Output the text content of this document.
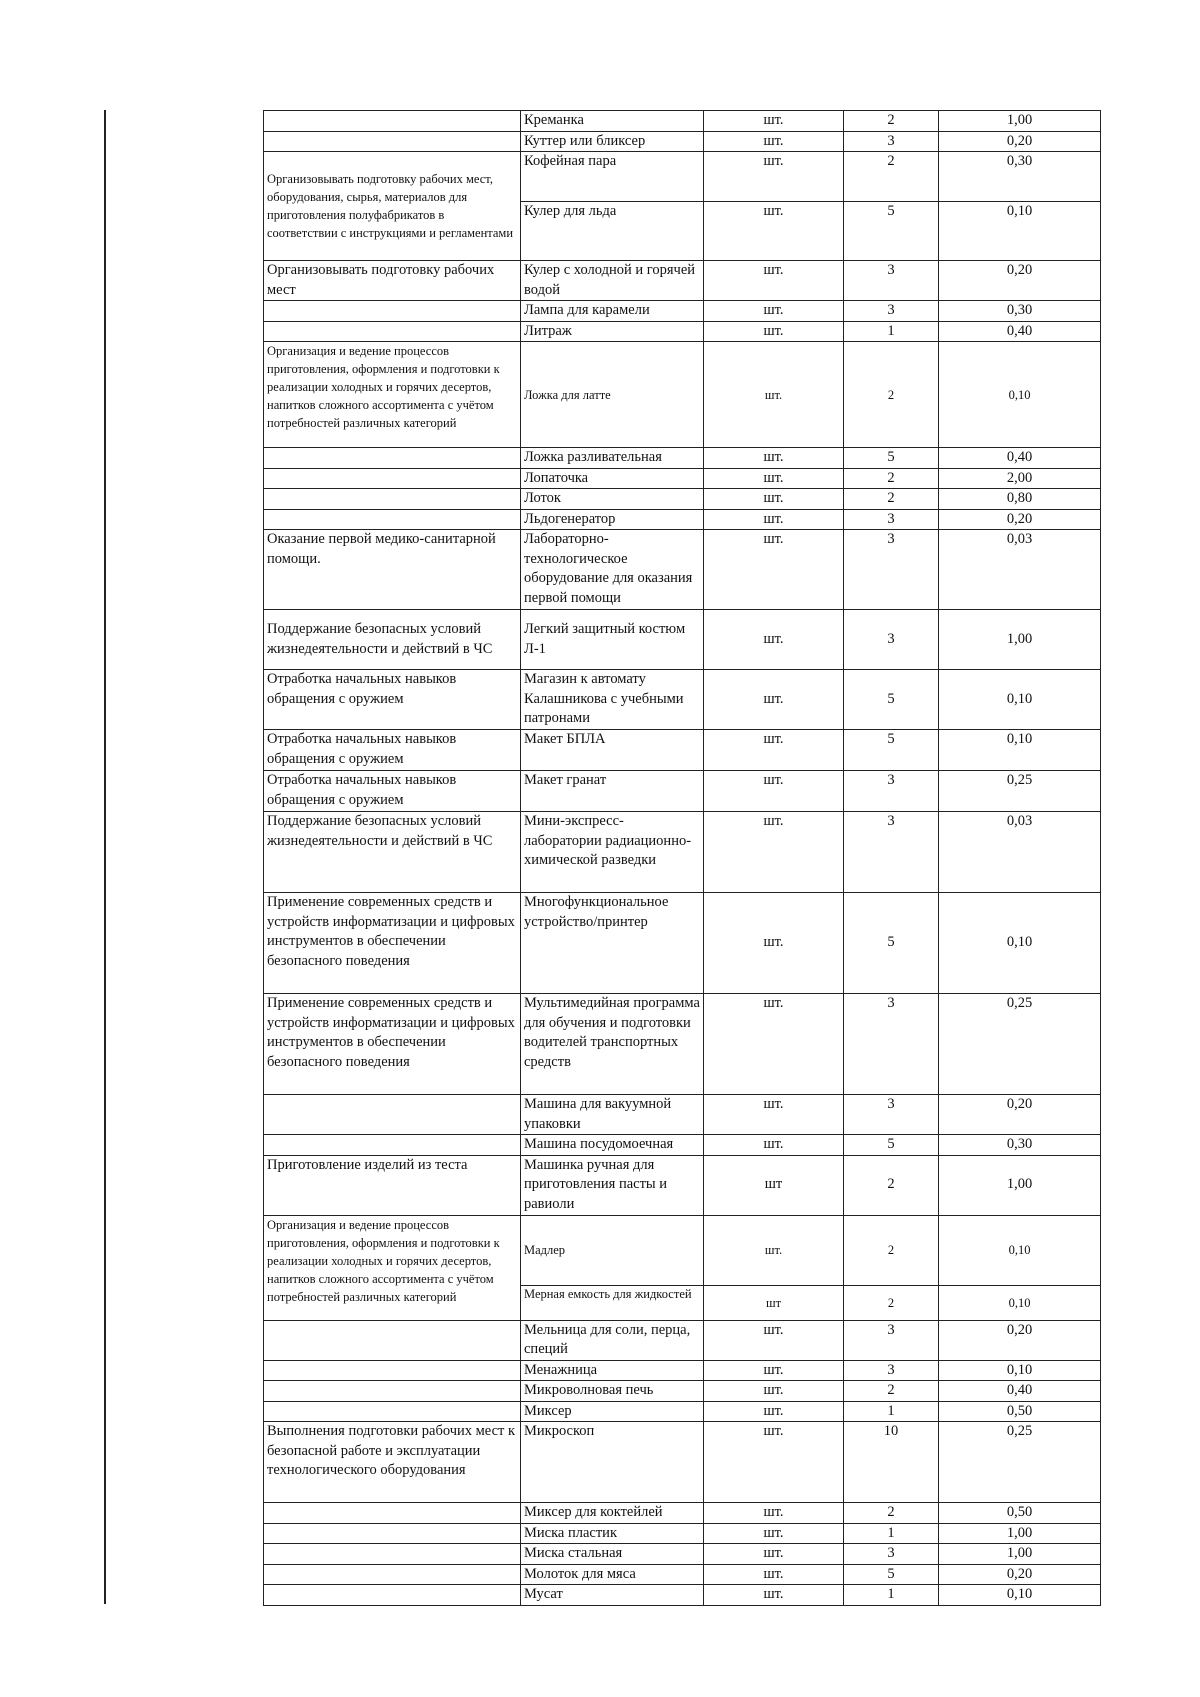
	Креманка	шт.	2	1,00
	Куттер или бликсер	шт.	3	0,20
Организовывать подготовку рабочих мест, оборудования, сырья, материалов для приготовления полуфабрикатов в соответствии с инструкциями и регламентами	Кофейная пара	шт.	2	0,30
	Кулер для льда	шт.	5	0,10
Организовывать подготовку рабочих мест	Кулер с холодной и горячей водой	шт.	3	0,20
	Лампа для карамели	шт.	3	0,30
	Литраж	шт.	1	0,40
Организация и ведение процессов приготовления, оформления и подготовки к реализации холодных и горячих десертов, напитков сложного ассортимента с учётом потребностей различных категорий	Ложка для латте	шт.	2	0,10
	Ложка разливательная	шт.	5	0,40
	Лопаточка	шт.	2	2,00
	Лоток	шт.	2	0,80
	Льдогенератор	шт.	3	0,20
Оказание первой медико-санитарной помощи.	Лабораторно-технологическое оборудование для оказания первой помощи	шт.	3	0,03
Поддержание безопасных условий жизнедеятельности и действий в ЧС	Легкий защитный костюм Л-1	шт.	3	1,00
Отработка начальных навыков обращения с оружием	Магазин к автомату Калашникова с учебными патронами	шт.	5	0,10
Отработка начальных навыков обращения с оружием	Макет БПЛА	шт.	5	0,10
Отработка начальных навыков обращения с оружием	Макет гранат	шт.	3	0,25
Поддержание безопасных условий жизнедеятельности и действий в ЧС	Мини-экспресс-лаборатории радиационно-химической разведки	шт.	3	0,03
Применение современных средств и устройств информатизации и цифровых инструментов в обеспечении безопасного поведения	Многофункциональное устройство/принтер	шт.	5	0,10
Применение современных средств и устройств информатизации и цифровых инструментов в обеспечении безопасного поведения	Мультимедийная программа для обучения и подготовки водителей транспортных средств	шт.	3	0,25
	Машина для вакуумной упаковки	шт.	3	0,20
	Машина посудомоечная	шт.	5	0,30
Приготовление изделий из теста	Машинка ручная для приготовления пасты и равиоли	шт	2	1,00
Организация и ведение процессов приготовления, оформления и подготовки к реализации холодных и горячих десертов, напитков сложного ассортимента с учётом потребностей различных категорий	Мадлер	шт.	2	0,10
	Мерная емкость для жидкостей	шт	2	0,10
	Мельница для соли, перца, специй	шт.	3	0,20
	Менажница	шт.	3	0,10
	Микроволновая печь	шт.	2	0,40
	Миксер	шт.	1	0,50
Выполнения подготовки рабочих мест к безопасной работе и эксплуатации технологического оборудования	Микроскоп	шт.	10	0,25
	Миксер для коктейлей	шт.	2	0,50
	Миска пластик	шт.	1	1,00
	Миска стальная	шт.	3	1,00
	Молоток для мяса	шт.	5	0,20
	Мусат	шт.	1	0,10
